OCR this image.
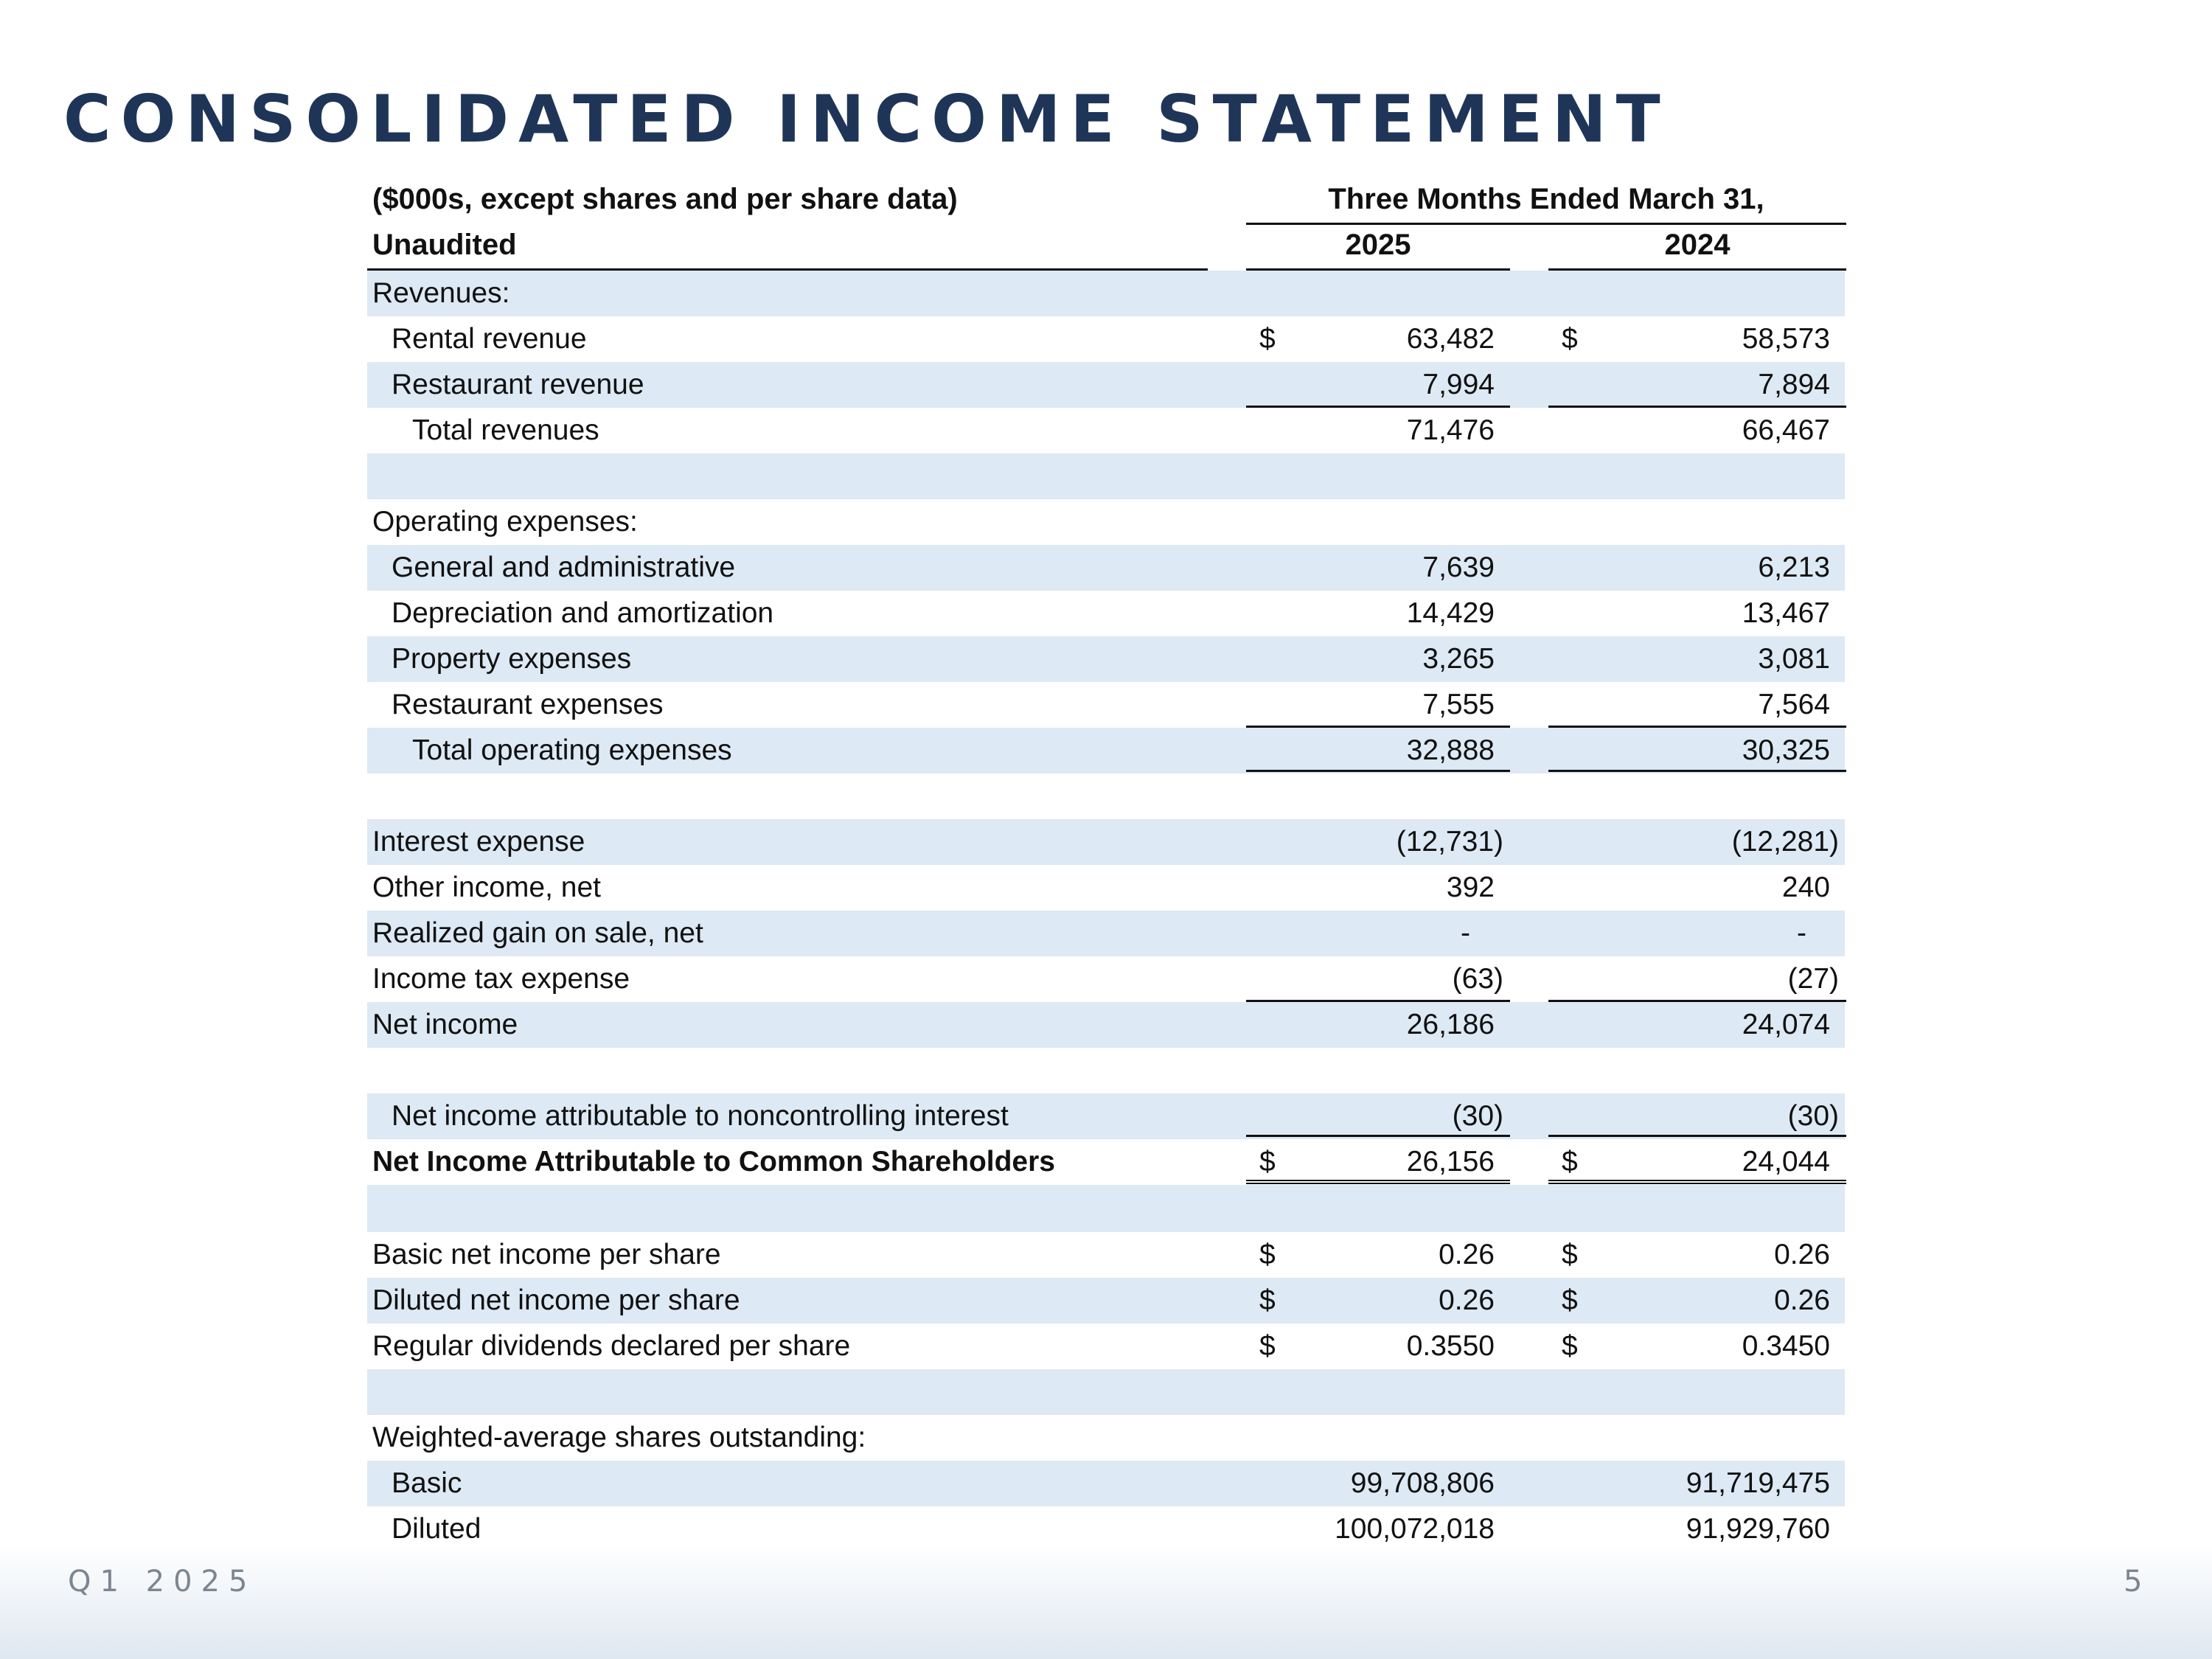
CONSOLIDATED INCOME STATEMENT
($000s, except shares and per share data)
Unaudited
Three Months Ended March 31,
2025	2024
Revenues:
Rental revenue	$	63,482 $	58,573
Restaurant revenue	7,994	7,894
Total revenues	71,476	66,467
Operating expenses:
General and administrative	7,639	6,213
Depreciation and amortization	14,429	13,467
Property expenses	3,265	3,081
Restaurant expenses	7,555	7,564
Total operating expenses	32,888	30,325
Interest expense	(12,731)	(12,281)
Other income, net	392	240
Realized gain on sale, net	-	-
Income tax expense	(63)	(27)
Net income	26,186	24,074
Net income attributable to noncontrolling interest	(30)	(30)
Net Income Attributable to Common Shareholders	$	26,156 $	24,044
Basic net income per share	$	0.26 $	0.26
Diluted net income per share	$	0.26 $	0.26
Regular dividends declared per share	$	0.3550 $	0.3450
Weighted-average shares outstanding:
Basic	99,708,806	91,719,475
Diluted	100,072,018	91,929,760
Q1 2025	5
